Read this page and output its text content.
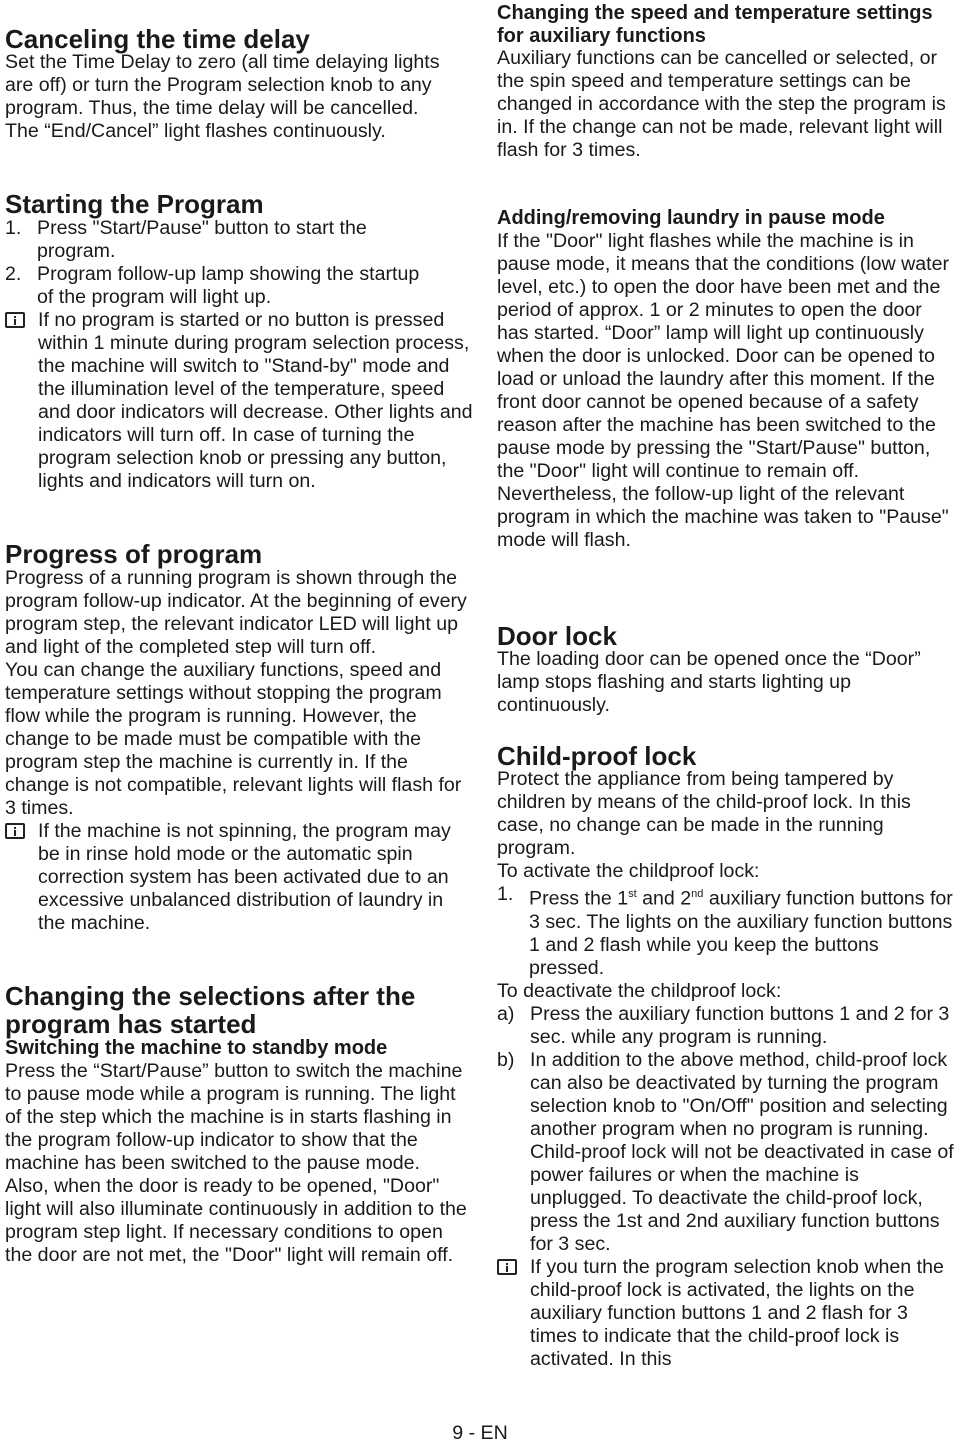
Canceling the time delay

Set the Time Delay to zero (all time delaying lights are off) or turn the Program selection knob to any program. Thus, the time delay will be cancelled. The “End/Cancel” light flashes continuously.

Starting the Program
1. Press "Start/Pause" button to start the program.
2. Program follow-up lamp showing the startup of the program will light up.
If no program is started or no button is pressed within 1 minute during program selection process, the machine will switch to "Stand-by" mode and the illumination level of the temperature, speed and door indicators will decrease. Other lights and indicators will turn off. In case of turning the program selection knob or pressing any button, lights and indicators will turn on.
Progress of program

Progress of a running program is shown through the program follow-up indicator. At the beginning of every program step, the relevant indicator LED will light up and light of the completed step will turn off.

You can change the auxiliary functions, speed and temperature settings without stopping the program flow while the program is running. However, the change to be made must be compatible with the program step the machine is currently in. If the change is not compatible, relevant lights will flash for 3 times.

If the machine is not spinning, the program may be in rinse hold mode or the automatic spin correction system has been activated due to an excessive unbalanced distribution of laundry in the machine.
Changing the selections after the program has started
Switching the machine to standby mode

Press the “Start/Pause” button to switch the machine to pause mode while a program is running. The light of the step which the machine is in starts flashing in the program follow-up indicator to show that the machine has been switched to the pause mode.

Also, when the door is ready to be opened, "Door" light will also illuminate continuously in addition to the program step light. If necessary conditions to open the door are not met, the "Door" light will remain off.

Changing the speed and temperature settings for auxiliary functions

Auxiliary functions can be cancelled or selected, or the spin speed and temperature settings can be changed in accordance with the step the program is in. If the change can not be made, relevant light will flash for 3 times.

Adding/removing laundry in pause mode

If the "Door" light flashes while the machine is in pause mode, it means that the conditions (low water level, etc.) to open the door have been met and the period of approx. 1 or 2 minutes to open the door has started. “Door” lamp will light up continuously when the door is unlocked. Door can be opened to load or unload the laundry after this moment. If the front door cannot be opened because of a safety reason after the machine has been switched to the pause mode by pressing the "Start/Pause" button, the "Door" light will continue to remain off. Nevertheless, the follow-up light of the relevant program in which the machine was taken to "Pause" mode will flash.

Door lock

The loading door can be opened once the “Door” lamp stops flashing and starts lighting up continuously.

Child-proof lock

Protect the appliance from being tampered by children by means of the child-proof lock. In this case, no change can be made in the running program.

To activate the childproof lock:

1. Press the 1st and 2nd auxiliary function buttons for 3 sec. The lights on the auxiliary function buttons 1 and 2 flash while you keep the buttons pressed.

To deactivate the childproof lock:

a) Press the auxiliary function buttons 1 and 2 for 3 sec. while any program is running.
b) In addition to the above method, child-proof lock can also be deactivated by turning the program selection knob to "On/Off" position and selecting another program when no program is running. Child-proof lock will not be deactivated in case of power failures or when the machine is unplugged. To deactivate the child-proof lock, press the 1st and 2nd auxiliary function buttons for 3 sec.
If you turn the program selection knob when the child-proof lock is activated, the lights on the auxiliary function buttons 1 and 2 flash for 3 times to indicate that the child-proof lock is activated. In this
9 - EN
